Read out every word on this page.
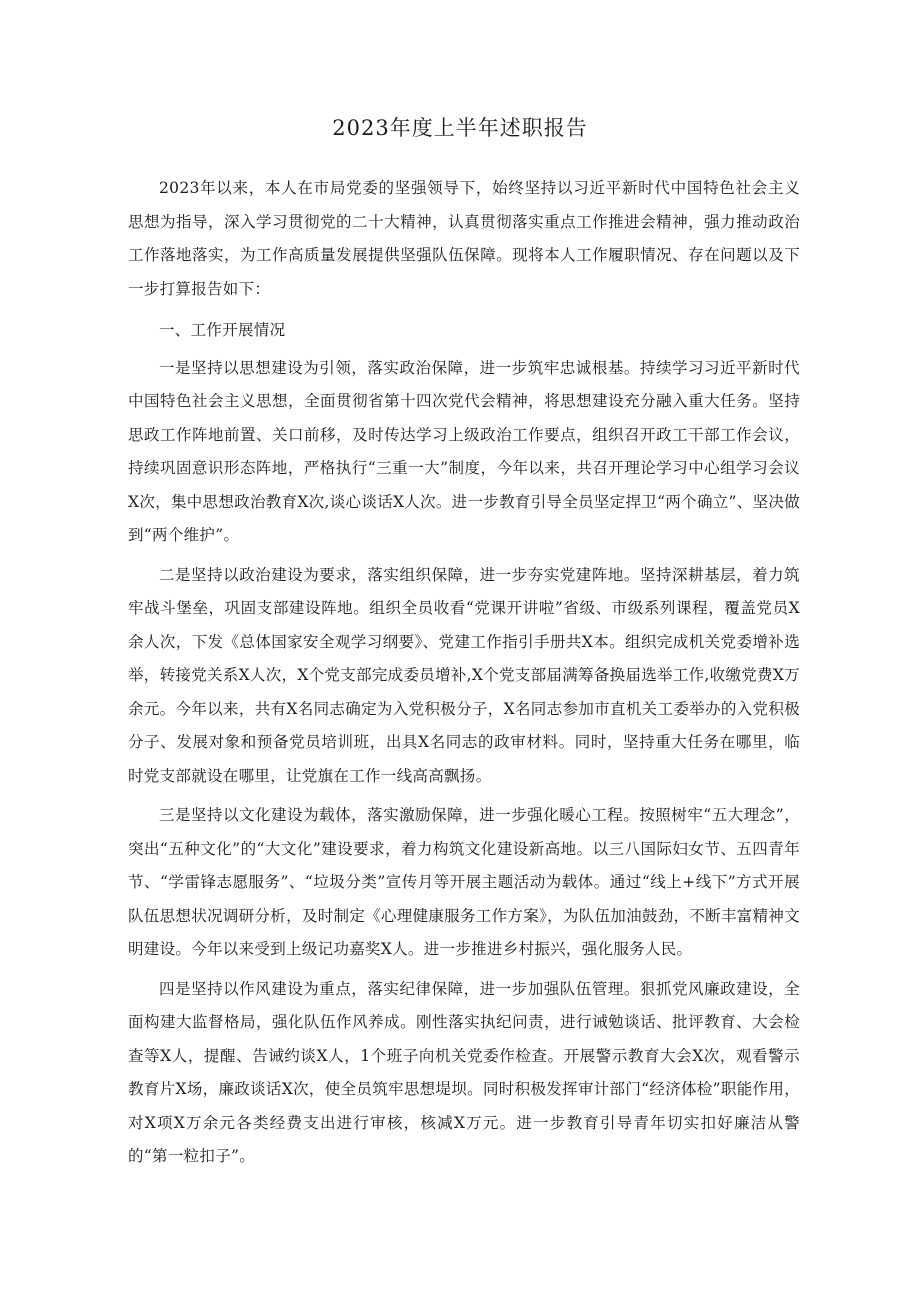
2023年度上半年述职报告

2023年以来，本人在市局党委的坚强领导下，始终坚持以习近平新时代中国特色社会主义思想为指导，深入学习贯彻党的二十大精神，认真贯彻落实重点工作推进会精神，强力推动政治工作落地落实，为工作高质量发展提供坚强队伍保障。现将本人工作履职情况、存在问题以及下一步打算报告如下：

一、工作开展情况

一是坚持以思想建设为引领，落实政治保障，进一步筑牢忠诚根基。持续学习习近平新时代中国特色社会主义思想，全面贯彻省第十四次党代会精神，将思想建设充分融入重大任务。坚持思政工作阵地前置、关口前移，及时传达学习上级政治工作要点，组织召开政工干部工作会议，持续巩固意识形态阵地，严格执行“三重一大”制度，今年以来，共召开理论学习中心组学习会议X次，集中思想政治教育X次,谈心谈话X人次。进一步教育引导全员坚定捍卫“两个确立”、坚决做到“两个维护”。

二是坚持以政治建设为要求，落实组织保障，进一步夯实党建阵地。坚持深耕基层，着力筑牢战斗堡垒，巩固支部建设阵地。组织全员收看“党课开讲啦”省级、市级系列课程，覆盖党员X余人次，下发《总体国家安全观学习纲要》、党建工作指引手册共X本。组织完成机关党委增补选举，转接党关系X人次，X个党支部完成委员增补,X个党支部届满筹备换届选举工作,收缴党费X万余元。今年以来，共有X名同志确定为入党积极分子，X名同志参加市直机关工委举办的入党积极分子、发展对象和预备党员培训班，出具X名同志的政审材料。同时，坚持重大任务在哪里，临时党支部就设在哪里，让党旗在工作一线高高飘扬。

三是坚持以文化建设为载体，落实激励保障，进一步强化暖心工程。按照树牢“五大理念”，突出“五种文化”的“大文化”建设要求，着力构筑文化建设新高地。以三八国际妇女节、五四青年节、“学雷锋志愿服务”、“垃圾分类”宣传月等开展主题活动为载体。通过“线上+线下”方式开展队伍思想状况调研分析，及时制定《心理健康服务工作方案》，为队伍加油鼓劲，不断丰富精神文明建设。今年以来受到上级记功嘉奖X人。进一步推进乡村振兴，强化服务人民。

四是坚持以作风建设为重点，落实纪律保障，进一步加强队伍管理。狠抓党风廉政建设，全面构建大监督格局，强化队伍作风养成。刚性落实执纪问责，进行诫勉谈话、批评教育、大会检查等X人，提醒、告诫约谈X人，1个班子向机关党委作检查。开展警示教育大会X次，观看警示教育片X场，廉政谈话X次，使全员筑牢思想堤坝。同时积极发挥审计部门“经济体检”职能作用，对X项X万余元各类经费支出进行审核，核减X万元。进一步教育引导青年切实扣好廉洁从警的“第一粒扣子”。
